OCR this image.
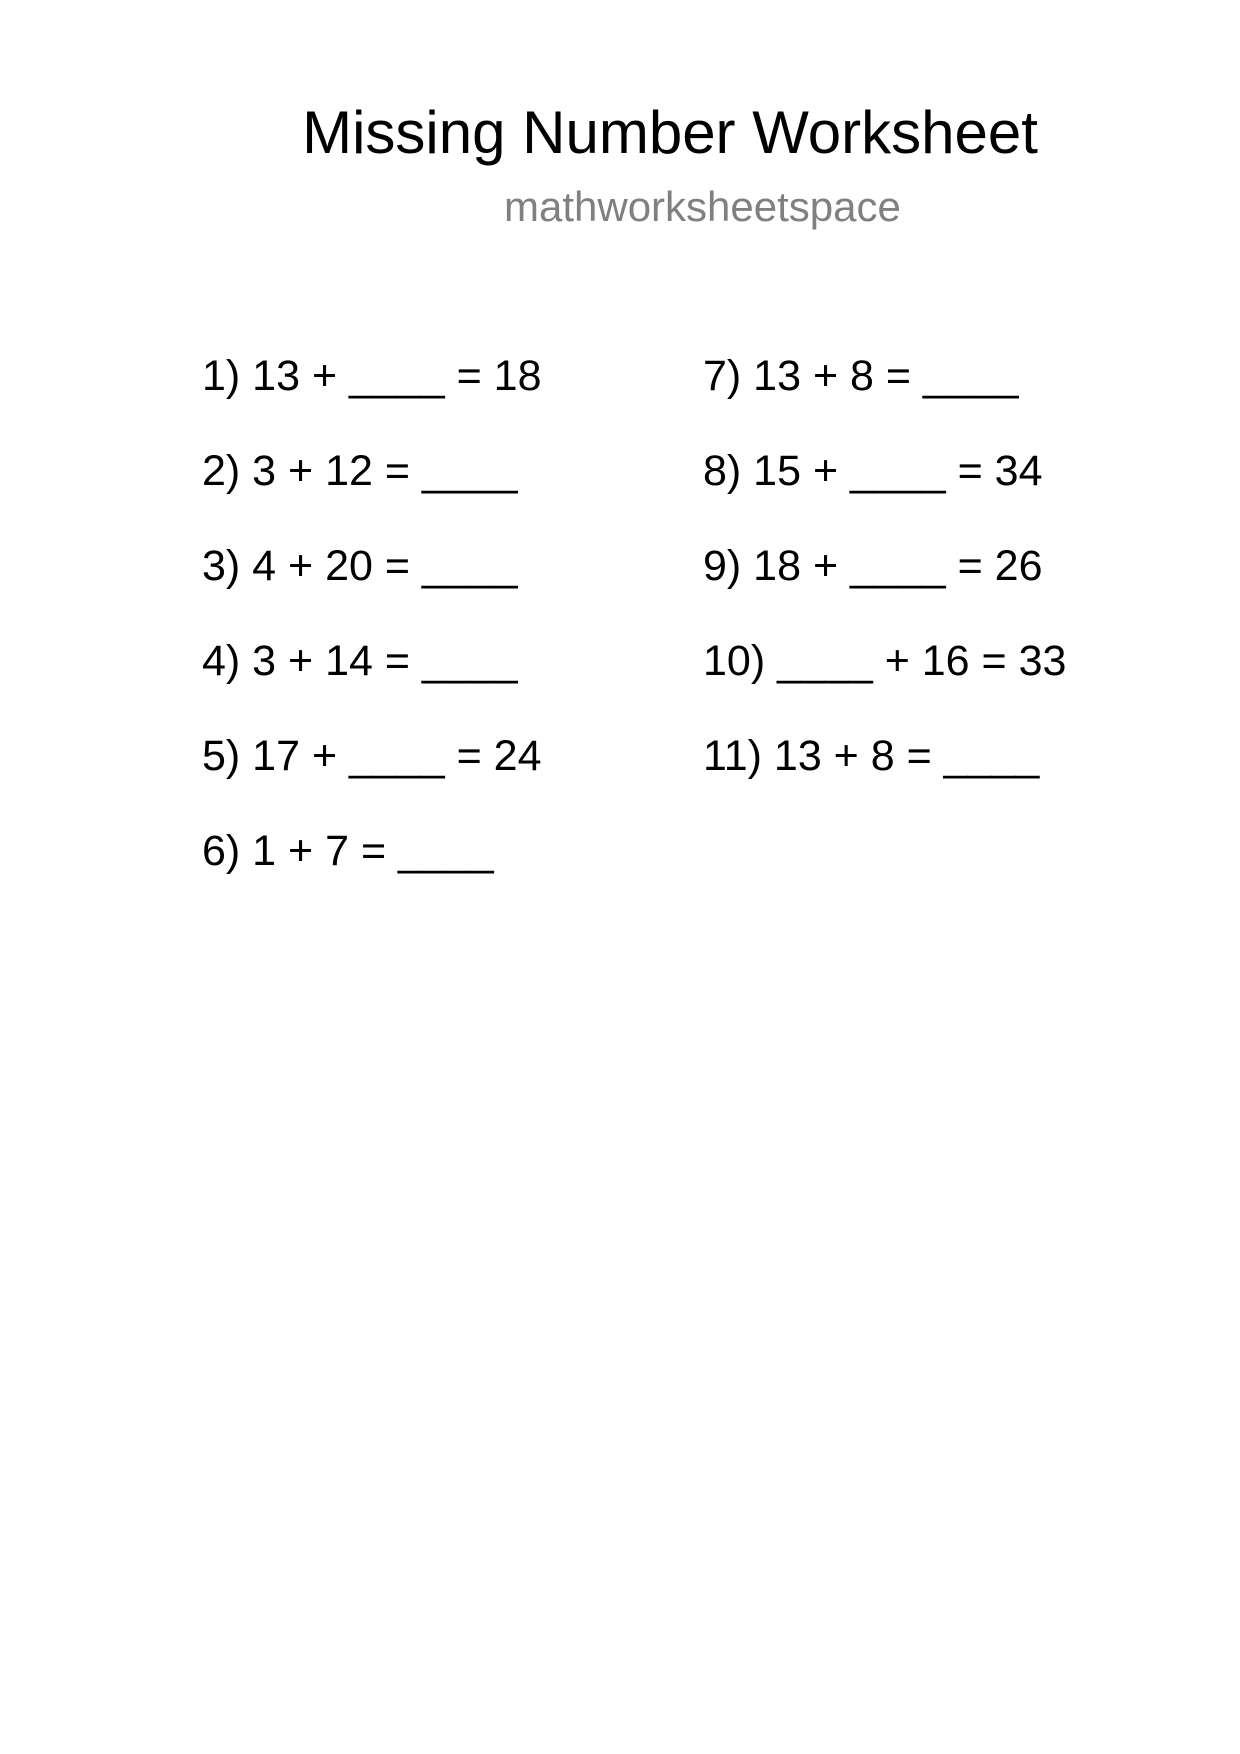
Missing Number Worksheet
mathworksheetspace
1) 13 + ____ = 18
2) 3 + 12 = ____
3) 4 + 20 = ____
4) 3 + 14 = ____
5) 17 + ____ = 24
6) 1 + 7 = ____
7) 13 + 8 = ____
8) 15 + ____ = 34
9) 18 + ____ = 26
10) ____ + 16 = 33
11) 13 + 8 = ____
